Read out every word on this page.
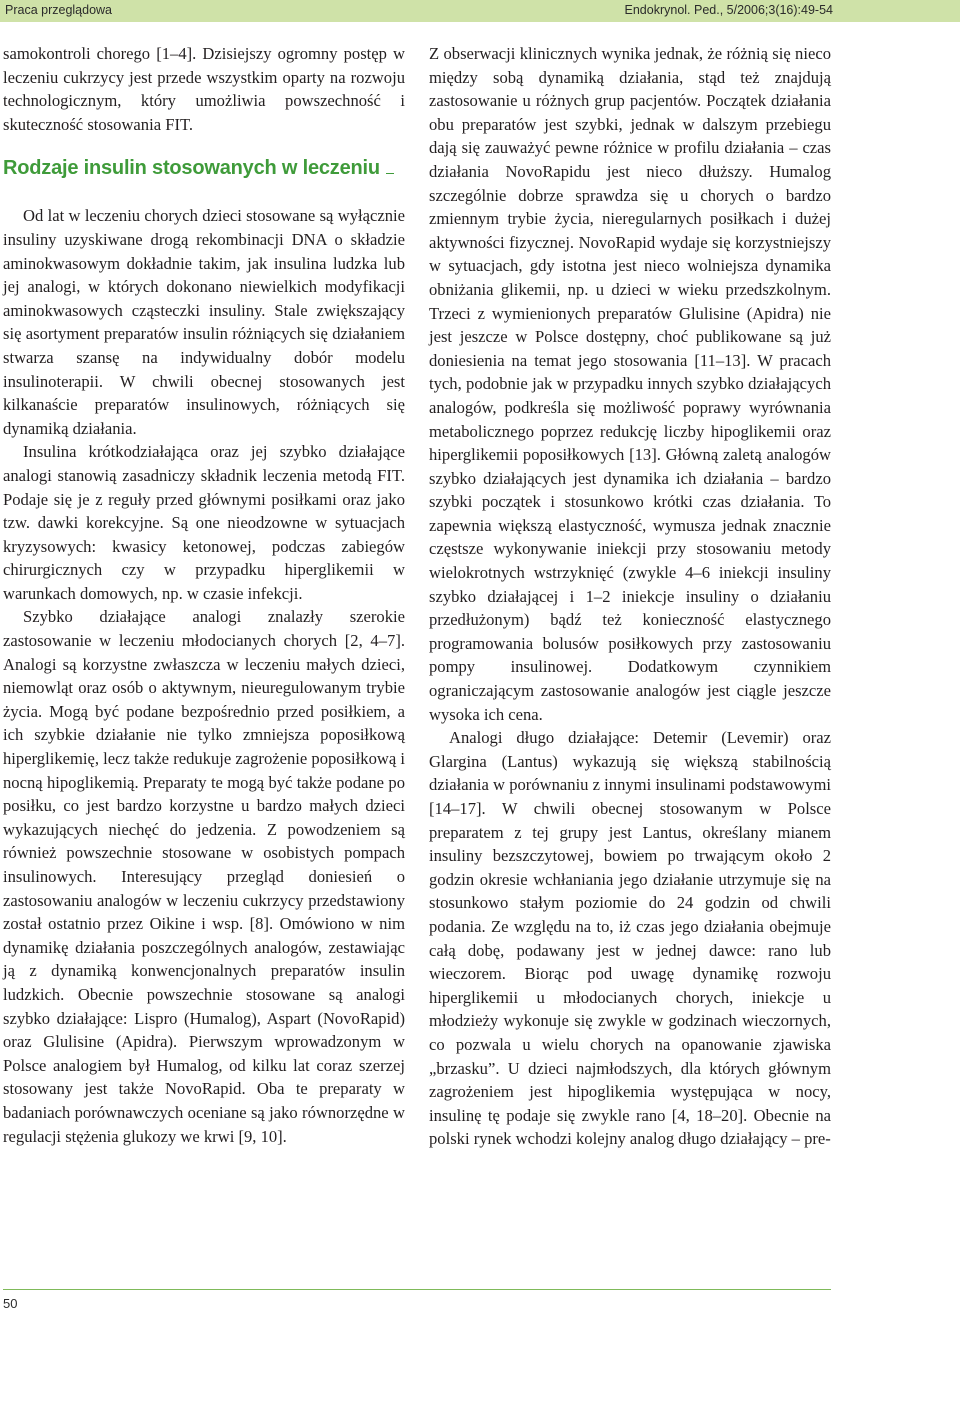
Praca przeglądowa	Endokrynol. Ped., 5/2006;3(16):49-54

samokontroli chorego [1–4]. Dzisiejszy ogromny postęp w leczeniu cukrzycy jest przede wszystkim oparty na rozwoju technologicznym, który umożliwia powszechność i skuteczność stosowania FIT.

Rodzaje insulin stosowanych w leczeniu

Od lat w leczeniu chorych dzieci stosowane są wyłącznie insuliny uzyskiwane drogą rekombinacji DNA o składzie aminokwasowym dokładnie takim, jak insulina ludzka lub jej analogi, w których dokonano niewielkich modyfikacji aminokwasowych cząsteczki insuliny. Stale zwiększający się asortyment preparatów insulin różniących się działaniem stwarza szansę na indywidualny dobór modelu insulinoterapii. W chwili obecnej stosowanych jest kilkanaście preparatów insulinowych, różniących się dynamiką działania.

Insulina krótkodziałająca oraz jej szybko działające analogi stanowią zasadniczy składnik leczenia metodą FIT. Podaje się je z reguły przed głównymi posiłkami oraz jako tzw. dawki korekcyjne. Są one nieodzowne w sytuacjach kryzysowych: kwasicy ketonowej, podczas zabiegów chirurgicznych czy w przypadku hiperglikemii w warunkach domowych, np. w czasie infekcji.

Szybko działające analogi znalazły szerokie zastosowanie w leczeniu młodocianych chorych [2, 4–7]. Analogi są korzystne zwłaszcza w leczeniu małych dzieci, niemowląt oraz osób o aktywnym, nieuregulowanym trybie życia. Mogą być podane bezpośrednio przed posiłkiem, a ich szybkie działanie nie tylko zmniejsza poposiłkową hiperglikemię, lecz także redukuje zagrożenie poposiłkową i nocną hipoglikemią. Preparaty te mogą być także podane po posiłku, co jest bardzo korzystne u bardzo małych dzieci wykazujących niechęć do jedzenia. Z powodzeniem są również powszechnie stosowane w osobistych pompach insulinowych. Interesujący przegląd doniesień o zastosowaniu analogów w leczeniu cukrzycy przedstawiony został ostatnio przez Oikine i wsp. [8]. Omówiono w nim dynamikę działania poszczególnych analogów, zestawiając ją z dynamiką konwencjonalnych preparatów insulin ludzkich. Obecnie powszechnie stosowane są analogi szybko działające: Lispro (Humalog), Aspart (NovoRapid) oraz Glulisine (Apidra). Pierwszym wprowadzonym w Polsce analogiem był Humalog, od kilku lat coraz szerzej stosowany jest także NovoRapid. Oba te preparaty w badaniach porównawczych oceniane są jako równorzędne w regulacji stężenia glukozy we krwi [9, 10].

Z obserwacji klinicznych wynika jednak, że różnią się nieco między sobą dynamiką działania, stąd też znajdują zastosowanie u różnych grup pacjentów. Początek działania obu preparatów jest szybki, jednak w dalszym przebiegu dają się zauważyć pewne różnice w profilu działania – czas działania NovoRapidu jest nieco dłuższy. Humalog szczególnie dobrze sprawdza się u chorych o bardzo zmiennym trybie życia, nieregularnych posiłkach i dużej aktywności fizycznej. NovoRapid wydaje się korzystniejszy w sytuacjach, gdy istotna jest nieco wolniejsza dynamika obniżania glikemii, np. u dzieci w wieku przedszkolnym. Trzeci z wymienionych preparatów Glulisine (Apidra) nie jest jeszcze w Polsce dostępny, choć publikowane są już doniesienia na temat jego stosowania [11–13]. W pracach tych, podobnie jak w przypadku innych szybko działających analogów, podkreśla się możliwość poprawy wyrównania metabolicznego poprzez redukcję liczby hipoglikemii oraz hiperglikemii poposiłkowych [13]. Główną zaletą analogów szybko działających jest dynamika ich działania – bardzo szybki początek i stosunkowo krótki czas działania. To zapewnia większą elastyczność, wymusza jednak znacznie częstsze wykonywanie iniekcji przy stosowaniu metody wielokrotnych wstrzyknięć (zwykle 4–6 iniekcji insuliny szybko działającej i 1–2 iniekcje insuliny o działaniu przedłużonym) bądź też konieczność elastycznego programowania bolusów posiłkowych przy zastosowaniu pompy insulinowej. Dodatkowym czynnikiem ograniczającym zastosowanie analogów jest ciągle jeszcze wysoka ich cena.

Analogi długo działające: Detemir (Levemir) oraz Glargina (Lantus) wykazują się większą stabilnością działania w porównaniu z innymi insulinami podstawowymi [14–17]. W chwili obecnej stosowanym w Polsce preparatem z tej grupy jest Lantus, określany mianem insuliny bezszczytowej, bowiem po trwającym około 2 godzin okresie wchłaniania jego działanie utrzymuje się na stosunkowo stałym poziomie do 24 godzin od chwili podania. Ze względu na to, iż czas jego działania obejmuje całą dobę, podawany jest w jednej dawce: rano lub wieczorem. Biorąc pod uwagę dynamikę rozwoju hiperglikemii u młodocianych chorych, iniekcje u młodzieży wykonuje się zwykle w godzinach wieczornych, co pozwala u wielu chorych na opanowanie zjawiska „brzasku”. U dzieci najmłodszych, dla których głównym zagrożeniem jest hipoglikemia występująca w nocy, insulinę tę podaje się zwykle rano [4, 18–20]. Obecnie na polski rynek wchodzi kolejny analog długo działający – pre-

50
